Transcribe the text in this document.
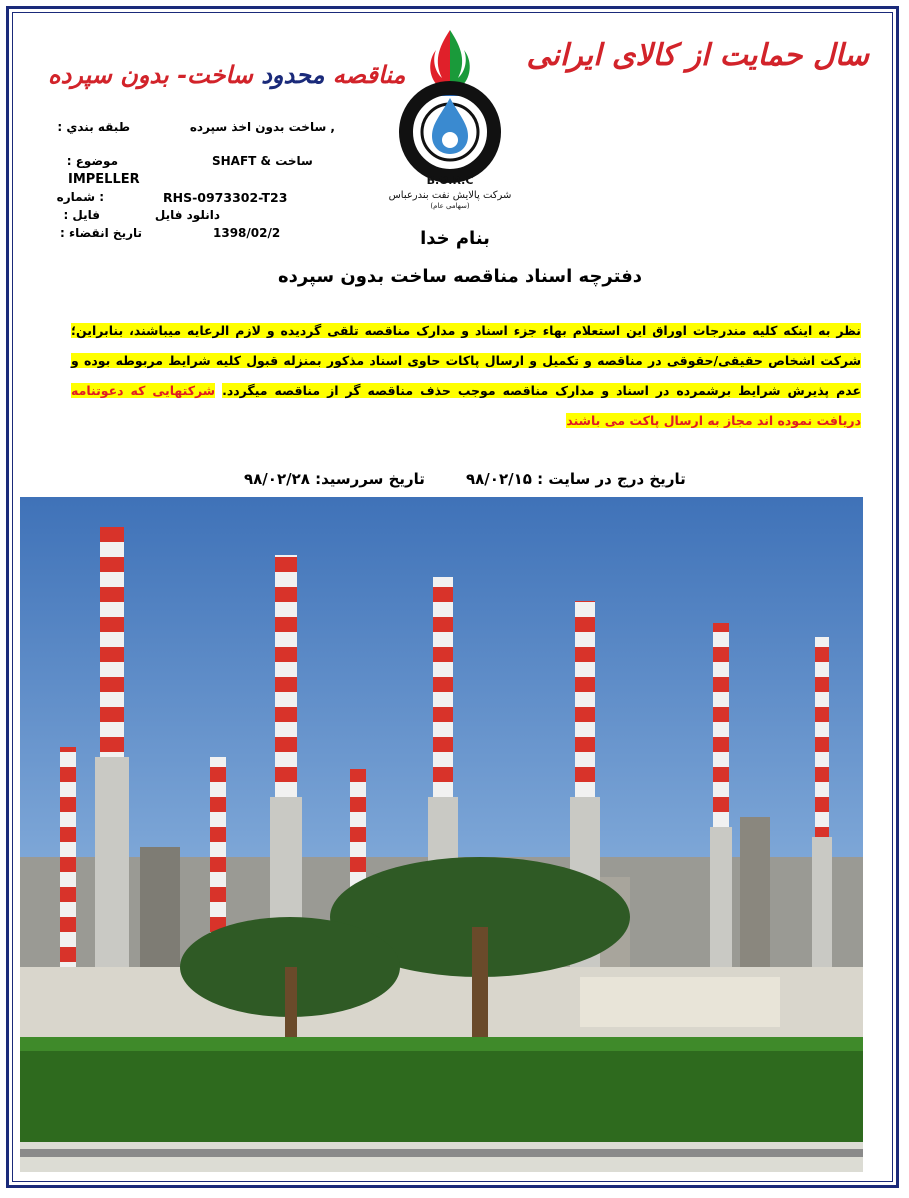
سال حمایت از کالای ایرانی
مناقصه محدود ساخت- بدون سپرده
B.O.R.C
شرکت پالایش نفت بندرعباس
(سهامی عام)
طبقه بندي :	, ساخت بدون اخذ سپرده
موضوع :	SHAFT & ساخت
IMPELLER
: شماره	RHS-0973302-T23
فایل :	دانلود فایل
تاریخ انقضاء :	1398/02/2	بنام خدا
دفترچه اسناد مناقصه ساخت بدون سپرده
نظر به اینکه کلیه مندرجات اوراق این استعلام بهاء جزء اسناد و مدارک مناقصه تلقی گردیده و لازم الرعایه میباشند، بنابراین؛ شرکت اشخاص حقیقی/حقوقی در مناقصه و تکمیل و ارسال پاکات حاوی اسناد مذکور بمنزله قبول کلیه شرایط مربوطه بوده و عدم پذیرش شرایط برشمرده در اسناد و مدارک مناقصه موجب حذف مناقصه گر از مناقصه میگردد. شرکتهایی که دعوتنامه دریافت نموده اند مجاز به ارسال پاکت می باشند
تاریخ درج در سایت : ۹۸/۰۲/۱۵
تاریخ سررسید: ۹۸/۰۲/۲۸
